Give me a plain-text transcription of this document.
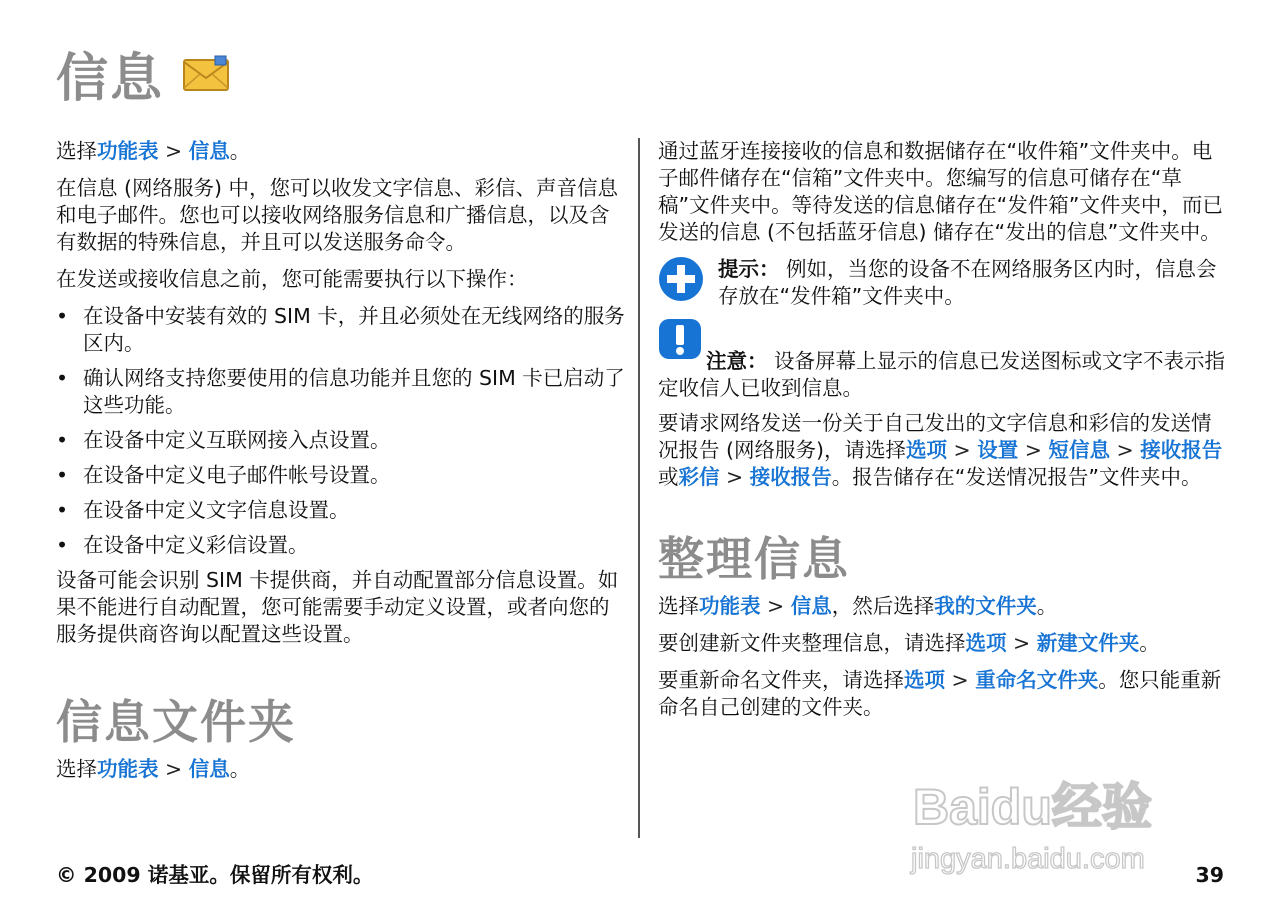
信息

选择功能表 > 信息。

在信息 (网络服务) 中，您可以收发文字信息、彩信、声音信息和电子邮件。您也可以接收网络服务信息和广播信息，以及含有数据的特殊信息，并且可以发送服务命令。

在发送或接收信息之前，您可能需要执行以下操作：

• 在设备中安装有效的 SIM 卡，并且必须处在无线网络的服务区内。
• 确认网络支持您要使用的信息功能并且您的 SIM 卡已启动了这些功能。
• 在设备中定义互联网接入点设置。
• 在设备中定义电子邮件帐号设置。
• 在设备中定义文字信息设置。
• 在设备中定义彩信设置。

设备可能会识别 SIM 卡提供商，并自动配置部分信息设置。如果不能进行自动配置，您可能需要手动定义设置，或者向您的服务提供商咨询以配置这些设置。

信息文件夹

选择功能表 > 信息。

通过蓝牙连接接收的信息和数据储存在“收件箱”文件夹中。电子邮件储存在“信箱”文件夹中。您编写的信息可储存在“草稿”文件夹中。等待发送的信息储存在“发件箱”文件夹中，而已发送的信息 (不包括蓝牙信息) 储存在“发出的信息”文件夹中。

提示： 例如，当您的设备不在网络服务区内时，信息会存放在“发件箱”文件夹中。

注意： 设备屏幕上显示的信息已发送图标或文字不表示指定收信人已收到信息。

要请求网络发送一份关于自己发出的文字信息和彩信的发送情况报告 (网络服务)，请选择选项 > 设置 > 短信息 > 接收报告或彩信 > 接收报告。报告储存在“发送情况报告”文件夹中。

整理信息

选择功能表 > 信息，然后选择我的文件夹。

要创建新文件夹整理信息，请选择选项 > 新建文件夹。

要重新命名文件夹，请选择选项 > 重命名文件夹。您只能重新命名自己创建的文件夹。

Baidu经验
jingyan.baidu.com

© 2009 诺基亚。保留所有权利。	39
